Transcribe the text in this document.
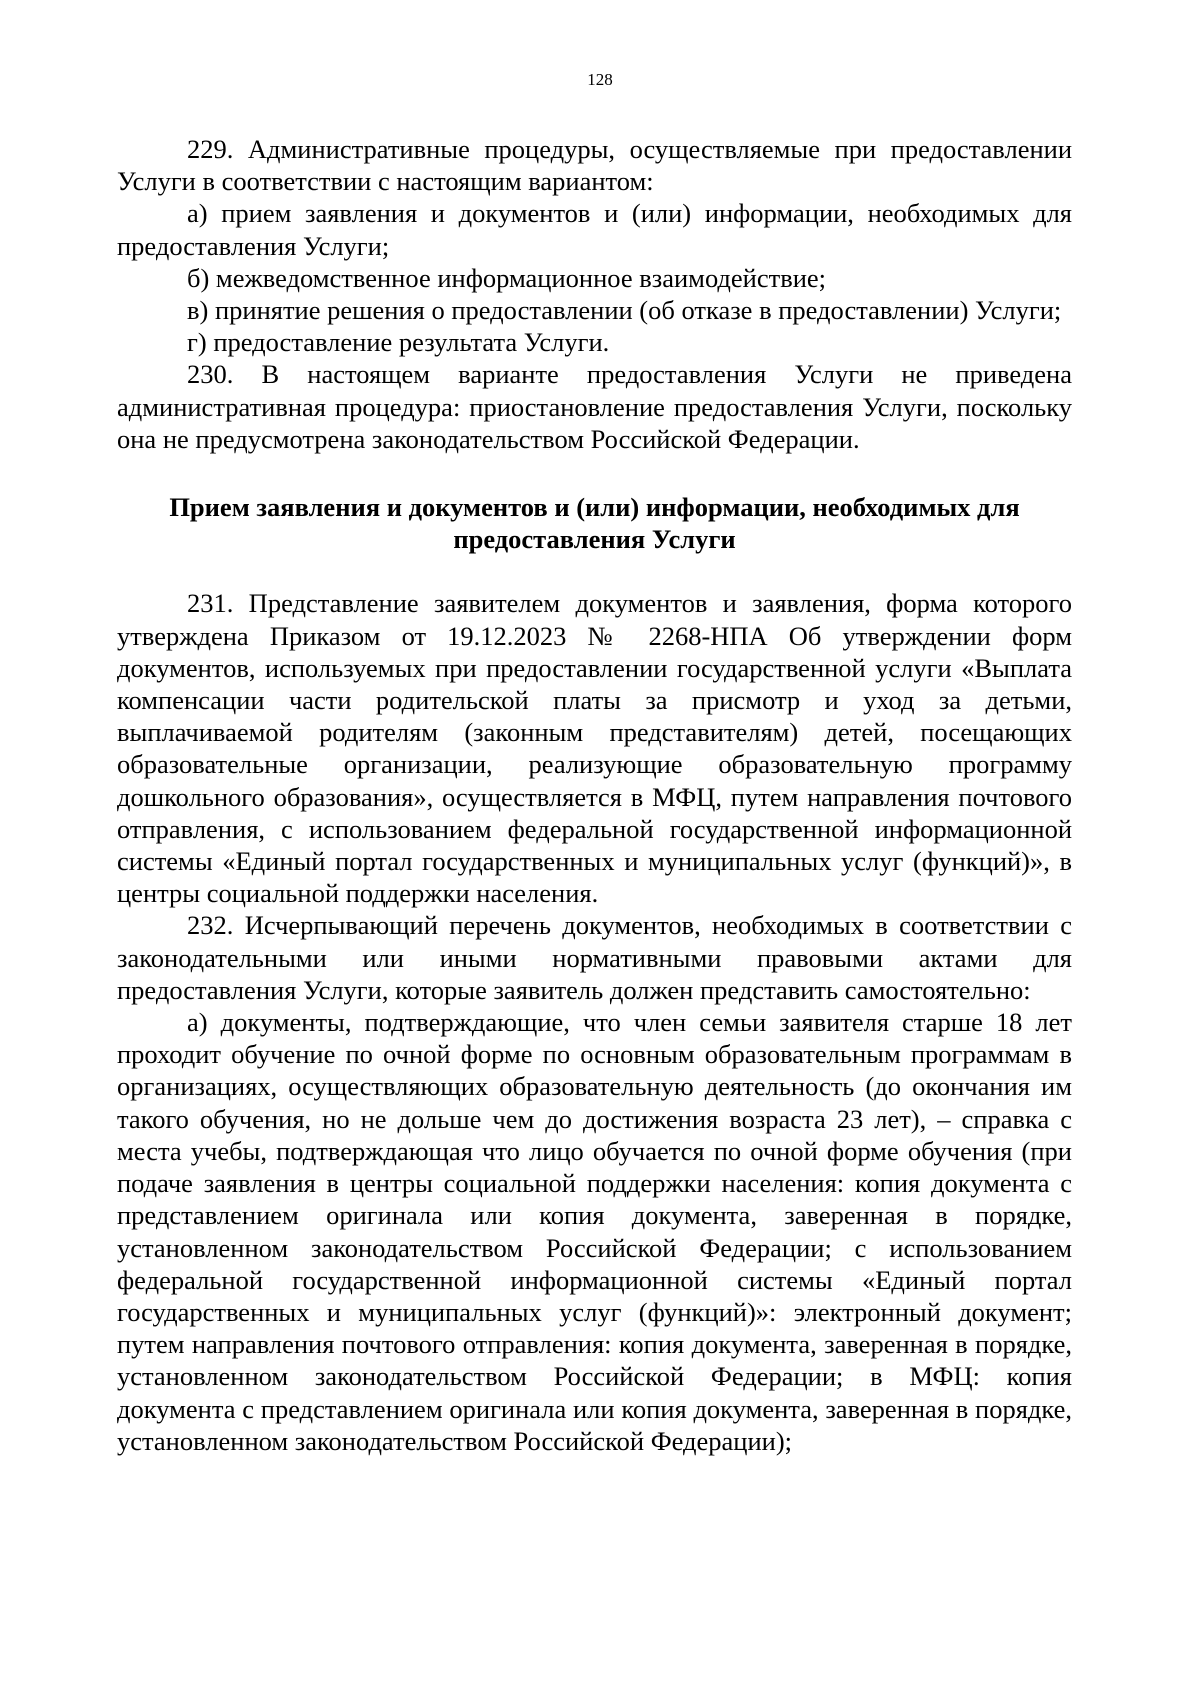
128

229. Административные процедуры, осуществляемые при предоставлении Услуги в соответствии с настоящим вариантом:

а) прием заявления и документов и (или) информации, необходимых для предоставления Услуги;

б) межведомственное информационное взаимодействие;

в) принятие решения о предоставлении (об отказе в предоставлении) Услуги;

г) предоставление результата Услуги.

230. В настоящем варианте предоставления Услуги не приведена административная процедура: приостановление предоставления Услуги, поскольку она не предусмотрена законодательством Российской Федерации.

Прием заявления и документов и (или) информации, необходимых для предоставления Услуги

231. Представление заявителем документов и заявления, форма которого утверждена Приказом от 19.12.2023 № 2268-НПА Об утверждении форм документов, используемых при предоставлении государственной услуги «Выплата компенсации части родительской платы за присмотр и уход за детьми, выплачиваемой родителям (законным представителям) детей, посещающих образовательные организации, реализующие образовательную программу дошкольного образования», осуществляется в МФЦ, путем направления почтового отправления, с использованием федеральной государственной информационной системы «Единый портал государственных и муниципальных услуг (функций)», в центры социальной поддержки населения.

232. Исчерпывающий перечень документов, необходимых в соответствии с законодательными или иными нормативными правовыми актами для предоставления Услуги, которые заявитель должен представить самостоятельно:

а) документы, подтверждающие, что член семьи заявителя старше 18 лет проходит обучение по очной форме по основным образовательным программам в организациях, осуществляющих образовательную деятельность (до окончания им такого обучения, но не дольше чем до достижения возраста 23 лет), – справка с места учебы, подтверждающая что лицо обучается по очной форме обучения (при подаче заявления в центры социальной поддержки населения: копия документа с представлением оригинала или копия документа, заверенная в порядке, установленном законодательством Российской Федерации; с использованием федеральной государственной информационной системы «Единый портал государственных и муниципальных услуг (функций)»: электронный документ; путем направления почтового отправления: копия документа, заверенная в порядке, установленном законодательством Российской Федерации; в МФЦ: копия документа с представлением оригинала или копия документа, заверенная в порядке, установленном законодательством Российской Федерации);
